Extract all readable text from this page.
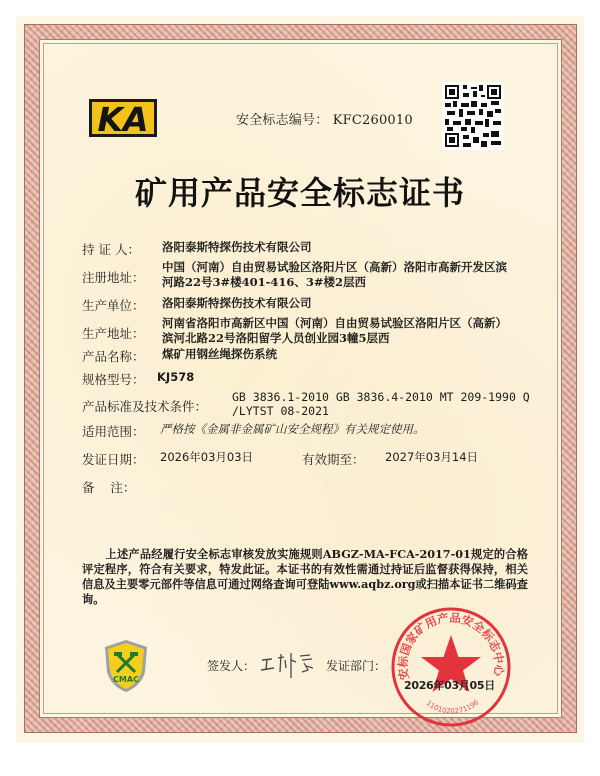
KA	安全标志编号： KFC260010
矿用产品安全标志证书
持 证 人： 洛阳泰斯特探伤技术有限公司
注册地址：
中国（河南）自由贸易试验区洛阳片区（高新）洛阳市高新开发区滨
河路22号3#楼401-416、3#楼2层西
生产单位： 洛阳泰斯特探伤技术有限公司
生产地址：
河南省洛阳市高新区中国（河南）自由贸易试验区洛阳片区（高新）
滨河北路22号洛阳留学人员创业园3幢5层西
产品名称： 煤矿用钢丝绳探伤系统
规格型号： KJ578
产品标准及技术条件：
GB 3836.1-2010 GB 3836.4-2010 MT 209-1990 Q
/LYTST 08-2021
适用范围： 严格按《金属非金属矿山安全规程》有关规定使用。
发证日期： 2026年03月03日	有效期至： 2027年03月14日
备    注：
上述产品经履行安全标志审核发放实施规则ABGZ-MA-FCA-2017-01规定的合格评定程序，符合有关要求，特发此证。本证书的有效性需通过持证后监督获得保持，相关信息及主要零元部件等信息可通过网络查询可登陆www.aqbz.org或扫描本证书二维码查询。
CMAC
签发人：	发证部门：
安标国家矿用产品安全标志中心
1101020271196
2026年03月05日
